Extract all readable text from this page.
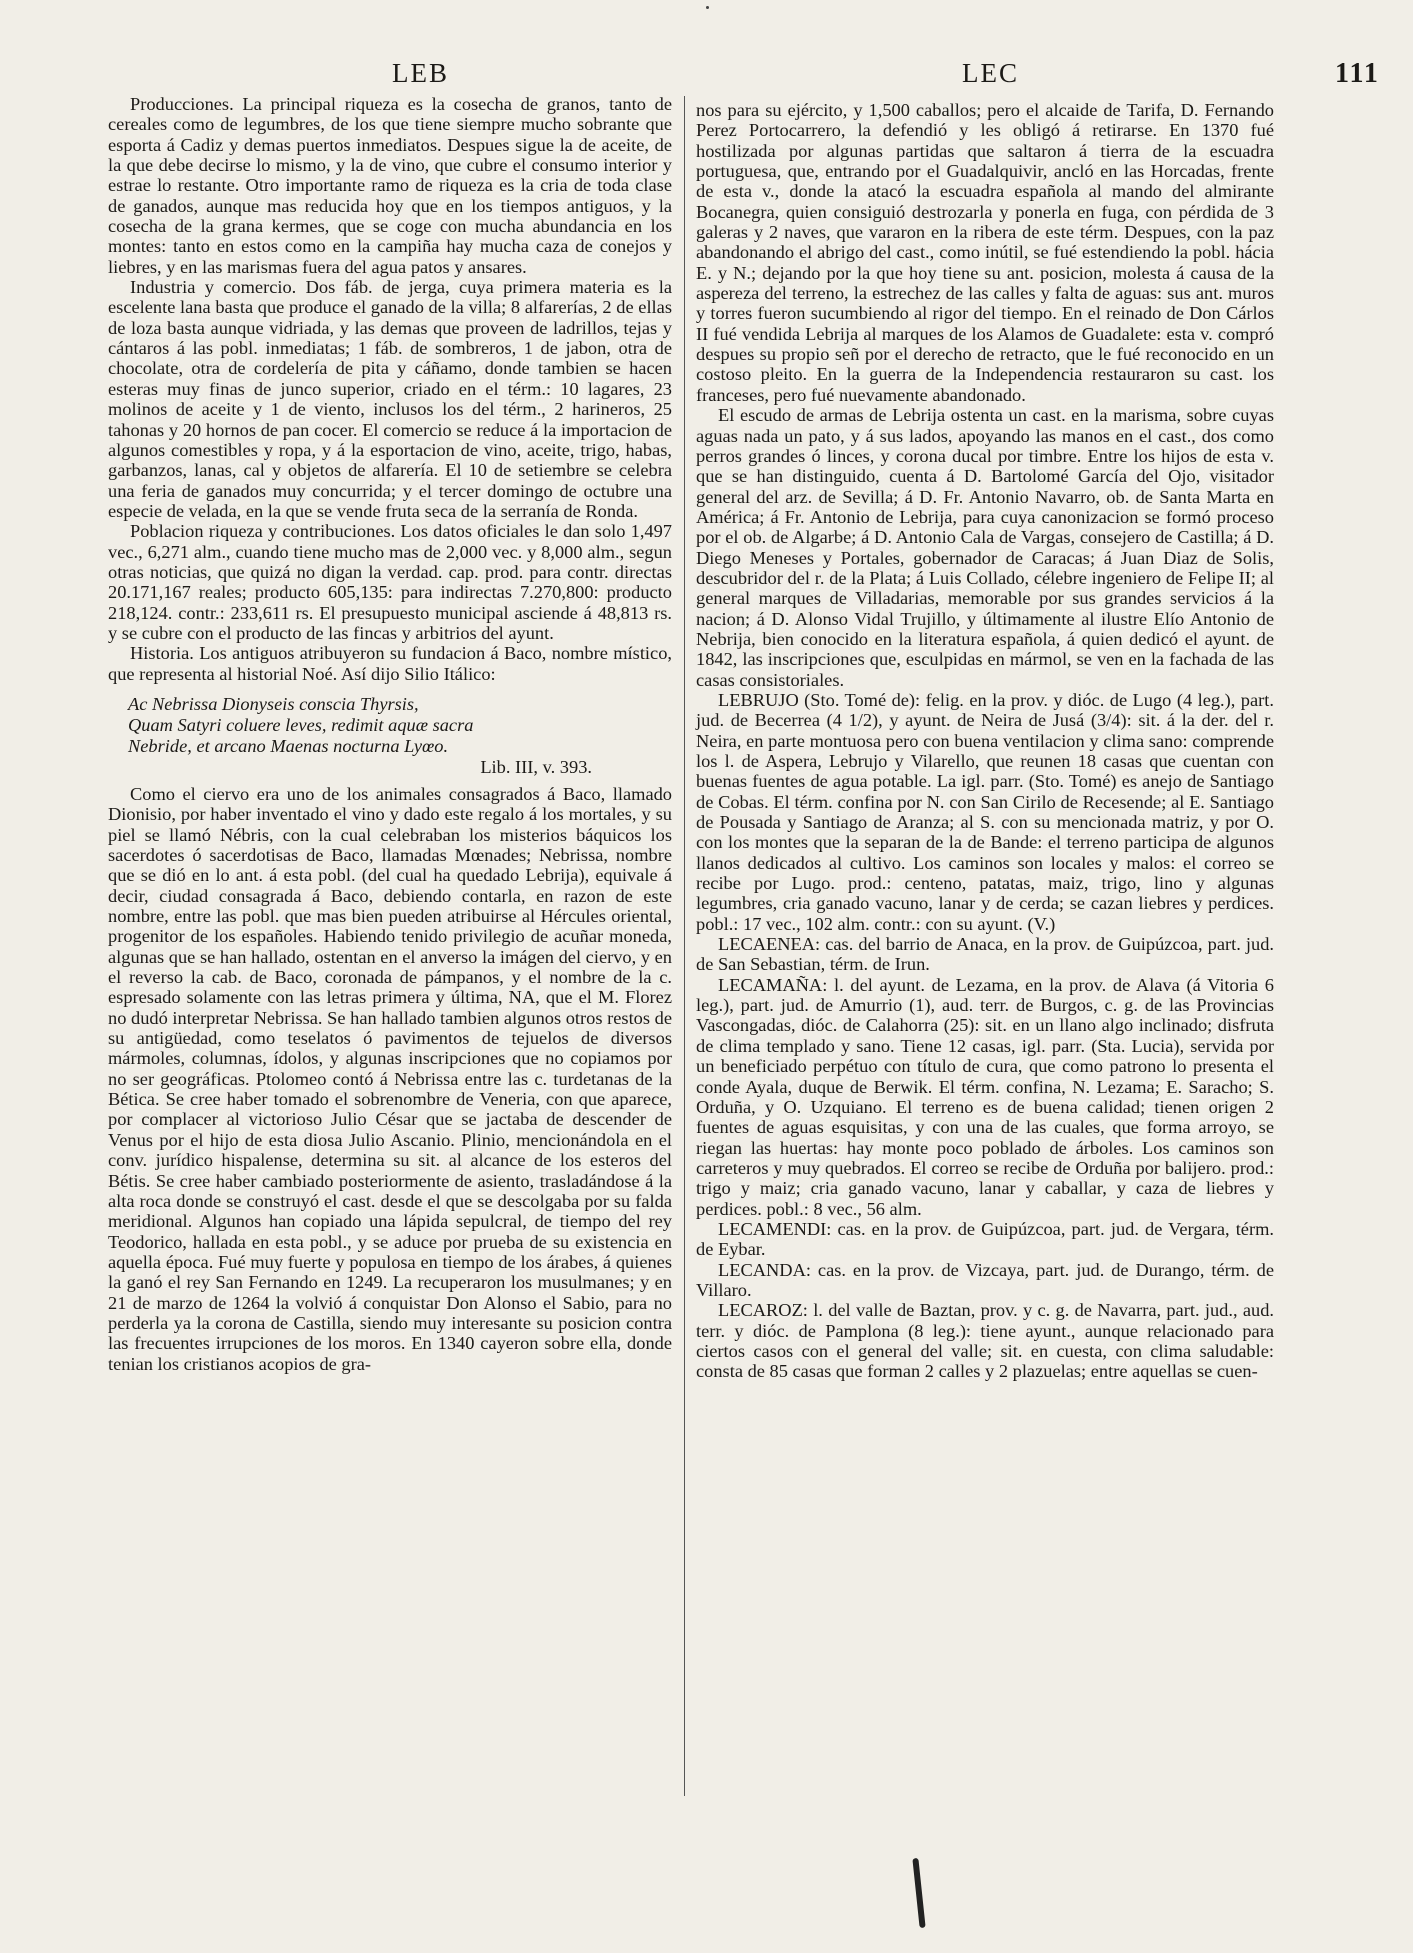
LEB	LEC	111

Producciones. La principal riqueza es la cosecha de granos, tanto de cereales como de legumbres, de los que tiene siempre mucho sobrante que esporta á Cadiz y demas puertos inmediatos. Despues sigue la de aceite, de la que debe decirse lo mismo, y la de vino, que cubre el consumo interior y estrae lo restante. Otro importante ramo de riqueza es la cria de toda clase de ganados, aunque mas reducida hoy que en los tiempos antiguos, y la cosecha de la grana kermes, que se coge con mucha abundancia en los montes: tanto en estos como en la campiña hay mucha caza de conejos y liebres, y en las marismas fuera del agua patos y ansares.

Industria y comercio. Dos fáb. de jerga, cuya primera materia es la escelente lana basta que produce el ganado de la villa; 8 alfarerías, 2 de ellas de loza basta aunque vidriada, y las demas que proveen de ladrillos, tejas y cántaros á las pobl. inmediatas; 1 fáb. de sombreros, 1 de jabon, otra de chocolate, otra de cordelería de pita y cáñamo, donde tambien se hacen esteras muy finas de junco superior, criado en el térm.: 10 lagares, 23 molinos de aceite y 1 de viento, inclusos los del térm., 2 harineros, 25 tahonas y 20 hornos de pan cocer. El comercio se reduce á la importacion de algunos comestibles y ropa, y á la esportacion de vino, aceite, trigo, habas, garbanzos, lanas, cal y objetos de alfarería. El 10 de setiembre se celebra una feria de ganados muy concurrida; y el tercer domingo de octubre una especie de velada, en la que se vende fruta seca de la serranía de Ronda.

Poblacion riqueza y contribuciones. Los datos oficiales le dan solo 1,497 vec., 6,271 alm., cuando tiene mucho mas de 2,000 vec. y 8,000 alm., segun otras noticias, que quizá no digan la verdad. cap. prod. para contr. directas 20.171,167 reales; producto 605,135: para indirectas 7.270,800: producto 218,124. contr.: 233,611 rs. El presupuesto municipal asciende á 48,813 rs. y se cubre con el producto de las fincas y arbitrios del ayunt.

Historia. Los antiguos atribuyeron su fundacion á Baco, nombre místico, que representa al historial Noé. Así dijo Silio Itálico:

Ac Nebrissa Dionyseis conscia Thyrsis,
Quam Satyri coluere leves, redimit aquæ sacra
Nebride, et arcano Maenas nocturna Lyœo.
Lib. III, v. 393.

Como el ciervo era uno de los animales consagrados á Baco, llamado Dionisio, por haber inventado el vino y dado este regalo á los mortales, y su piel se llamó Nébris, con la cual celebraban los misterios báquicos los sacerdotes ó sacerdotisas de Baco, llamadas Mœnades; Nebrissa, nombre que se dió en lo ant. á esta pobl. (del cual ha quedado Lebrija), equivale á decir, ciudad consagrada á Baco, debiendo contarla, en razon de este nombre, entre las pobl. que mas bien pueden atribuirse al Hércules oriental, progenitor de los españoles. Habiendo tenido privilegio de acuñar moneda, algunas que se han hallado, ostentan en el anverso la imágen del ciervo, y en el reverso la cab. de Baco, coronada de pámpanos, y el nombre de la c. espresado solamente con las letras primera y última, NA, que el M. Florez no dudó interpretar Nebrissa. Se han hallado tambien algunos otros restos de su antigüedad, como teselatos ó pavimentos de tejuelos de diversos mármoles, columnas, ídolos, y algunas inscripciones que no copiamos por no ser geográficas. Ptolomeo contó á Nebrissa entre las c. turdetanas de la Bética. Se cree haber tomado el sobrenombre de Veneria, con que aparece, por complacer al victorioso Julio César que se jactaba de descender de Venus por el hijo de esta diosa Julio Ascanio. Plinio, mencionándola en el conv. jurídico hispalense, determina su sit. al alcance de los esteros del Bétis. Se cree haber cambiado posteriormente de asiento, trasladándose á la alta roca donde se construyó el cast. desde el que se descolgaba por su falda meridional. Algunos han copiado una lápida sepulcral, de tiempo del rey Teodorico, hallada en esta pobl., y se aduce por prueba de su existencia en aquella época. Fué muy fuerte y populosa en tiempo de los árabes, á quienes la ganó el rey San Fernando en 1249. La recuperaron los musulmanes; y en 21 de marzo de 1264 la volvió á conquistar Don Alonso el Sabio, para no perderla ya la corona de Castilla, siendo muy interesante su posicion contra las frecuentes irrupciones de los moros. En 1340 cayeron sobre ella, donde tenian los cristianos acopios de gra-

nos para su ejército, y 1,500 caballos; pero el alcaide de Tarifa, D. Fernando Perez Portocarrero, la defendió y les obligó á retirarse. En 1370 fué hostilizada por algunas partidas que saltaron á tierra de la escuadra portuguesa, que, entrando por el Guadalquivir, ancló en las Horcadas, frente de esta v., donde la atacó la escuadra española al mando del almirante Bocanegra, quien consiguió destrozarla y ponerla en fuga, con pérdida de 3 galeras y 2 naves, que vararon en la ribera de este térm. Despues, con la paz abandonando el abrigo del cast., como inútil, se fué estendiendo la pobl. hácia E. y N.; dejando por la que hoy tiene su ant. posicion, molesta á causa de la aspereza del terreno, la estrechez de las calles y falta de aguas: sus ant. muros y torres fueron sucumbiendo al rigor del tiempo. En el reinado de Don Cárlos II fué vendida Lebrija al marques de los Alamos de Guadalete: esta v. compró despues su propio señ por el derecho de retracto, que le fué reconocido en un costoso pleito. En la guerra de la Independencia restauraron su cast. los franceses, pero fué nuevamente abandonado.

El escudo de armas de Lebrija ostenta un cast. en la marisma, sobre cuyas aguas nada un pato, y á sus lados, apoyando las manos en el cast., dos como perros grandes ó linces, y corona ducal por timbre. Entre los hijos de esta v. que se han distinguido, cuenta á D. Bartolomé García del Ojo, visitador general del arz. de Sevilla; á D. Fr. Antonio Navarro, ob. de Santa Marta en América; á Fr. Antonio de Lebrija, para cuya canonizacion se formó proceso por el ob. de Algarbe; á D. Antonio Cala de Vargas, consejero de Castilla; á D. Diego Meneses y Portales, gobernador de Caracas; á Juan Diaz de Solis, descubridor del r. de la Plata; á Luis Collado, célebre ingeniero de Felipe II; al general marques de Villadarias, memorable por sus grandes servicios á la nacion; á D. Alonso Vidal Trujillo, y últimamente al ilustre Elío Antonio de Nebrija, bien conocido en la literatura española, á quien dedicó el ayunt. de 1842, las inscripciones que, esculpidas en mármol, se ven en la fachada de las casas consistoriales.

LEBRUJO (Sto. Tomé de): felig. en la prov. y dióc. de Lugo (4 leg.), part. jud. de Becerrea (4 1/2), y ayunt. de Neira de Jusá (3/4): sit. á la der. del r. Neira, en parte montuosa pero con buena ventilacion y clima sano: comprende los l. de Aspera, Lebrujo y Vilarello, que reunen 18 casas que cuentan con buenas fuentes de agua potable. La igl. parr. (Sto. Tomé) es anejo de Santiago de Cobas. El térm. confina por N. con San Cirilo de Recesende; al E. Santiago de Pousada y Santiago de Aranza; al S. con su mencionada matriz, y por O. con los montes que la separan de la de Bande: el terreno participa de algunos llanos dedicados al cultivo. Los caminos son locales y malos: el correo se recibe por Lugo. prod.: centeno, patatas, maiz, trigo, lino y algunas legumbres, cria ganado vacuno, lanar y de cerda; se cazan liebres y perdices. pobl.: 17 vec., 102 alm. contr.: con su ayunt. (V.)

LECAENEA: cas. del barrio de Anaca, en la prov. de Guipúzcoa, part. jud. de San Sebastian, térm. de Irun.

LECAMAÑA: l. del ayunt. de Lezama, en la prov. de Alava (á Vitoria 6 leg.), part. jud. de Amurrio (1), aud. terr. de Burgos, c. g. de las Provincias Vascongadas, dióc. de Calahorra (25): sit. en un llano algo inclinado; disfruta de clima templado y sano. Tiene 12 casas, igl. parr. (Sta. Lucia), servida por un beneficiado perpétuo con título de cura, que como patrono lo presenta el conde Ayala, duque de Berwik. El térm. confina, N. Lezama; E. Saracho; S. Orduña, y O. Uzquiano. El terreno es de buena calidad; tienen origen 2 fuentes de aguas esquisitas, y con una de las cuales, que forma arroyo, se riegan las huertas: hay monte poco poblado de árboles. Los caminos son carreteros y muy quebrados. El correo se recibe de Orduña por balijero. prod.: trigo y maiz; cria ganado vacuno, lanar y caballar, y caza de liebres y perdices. pobl.: 8 vec., 56 alm.

LECAMENDI: cas. en la prov. de Guipúzcoa, part. jud. de Vergara, térm. de Eybar.

LECANDA: cas. en la prov. de Vizcaya, part. jud. de Durango, térm. de Villaro.

LECAROZ: l. del valle de Baztan, prov. y c. g. de Navarra, part. jud., aud. terr. y dióc. de Pamplona (8 leg.): tiene ayunt., aunque relacionado para ciertos casos con el general del valle; sit. en cuesta, con clima saludable: consta de 85 casas que forman 2 calles y 2 plazuelas; entre aquellas se cuen-
